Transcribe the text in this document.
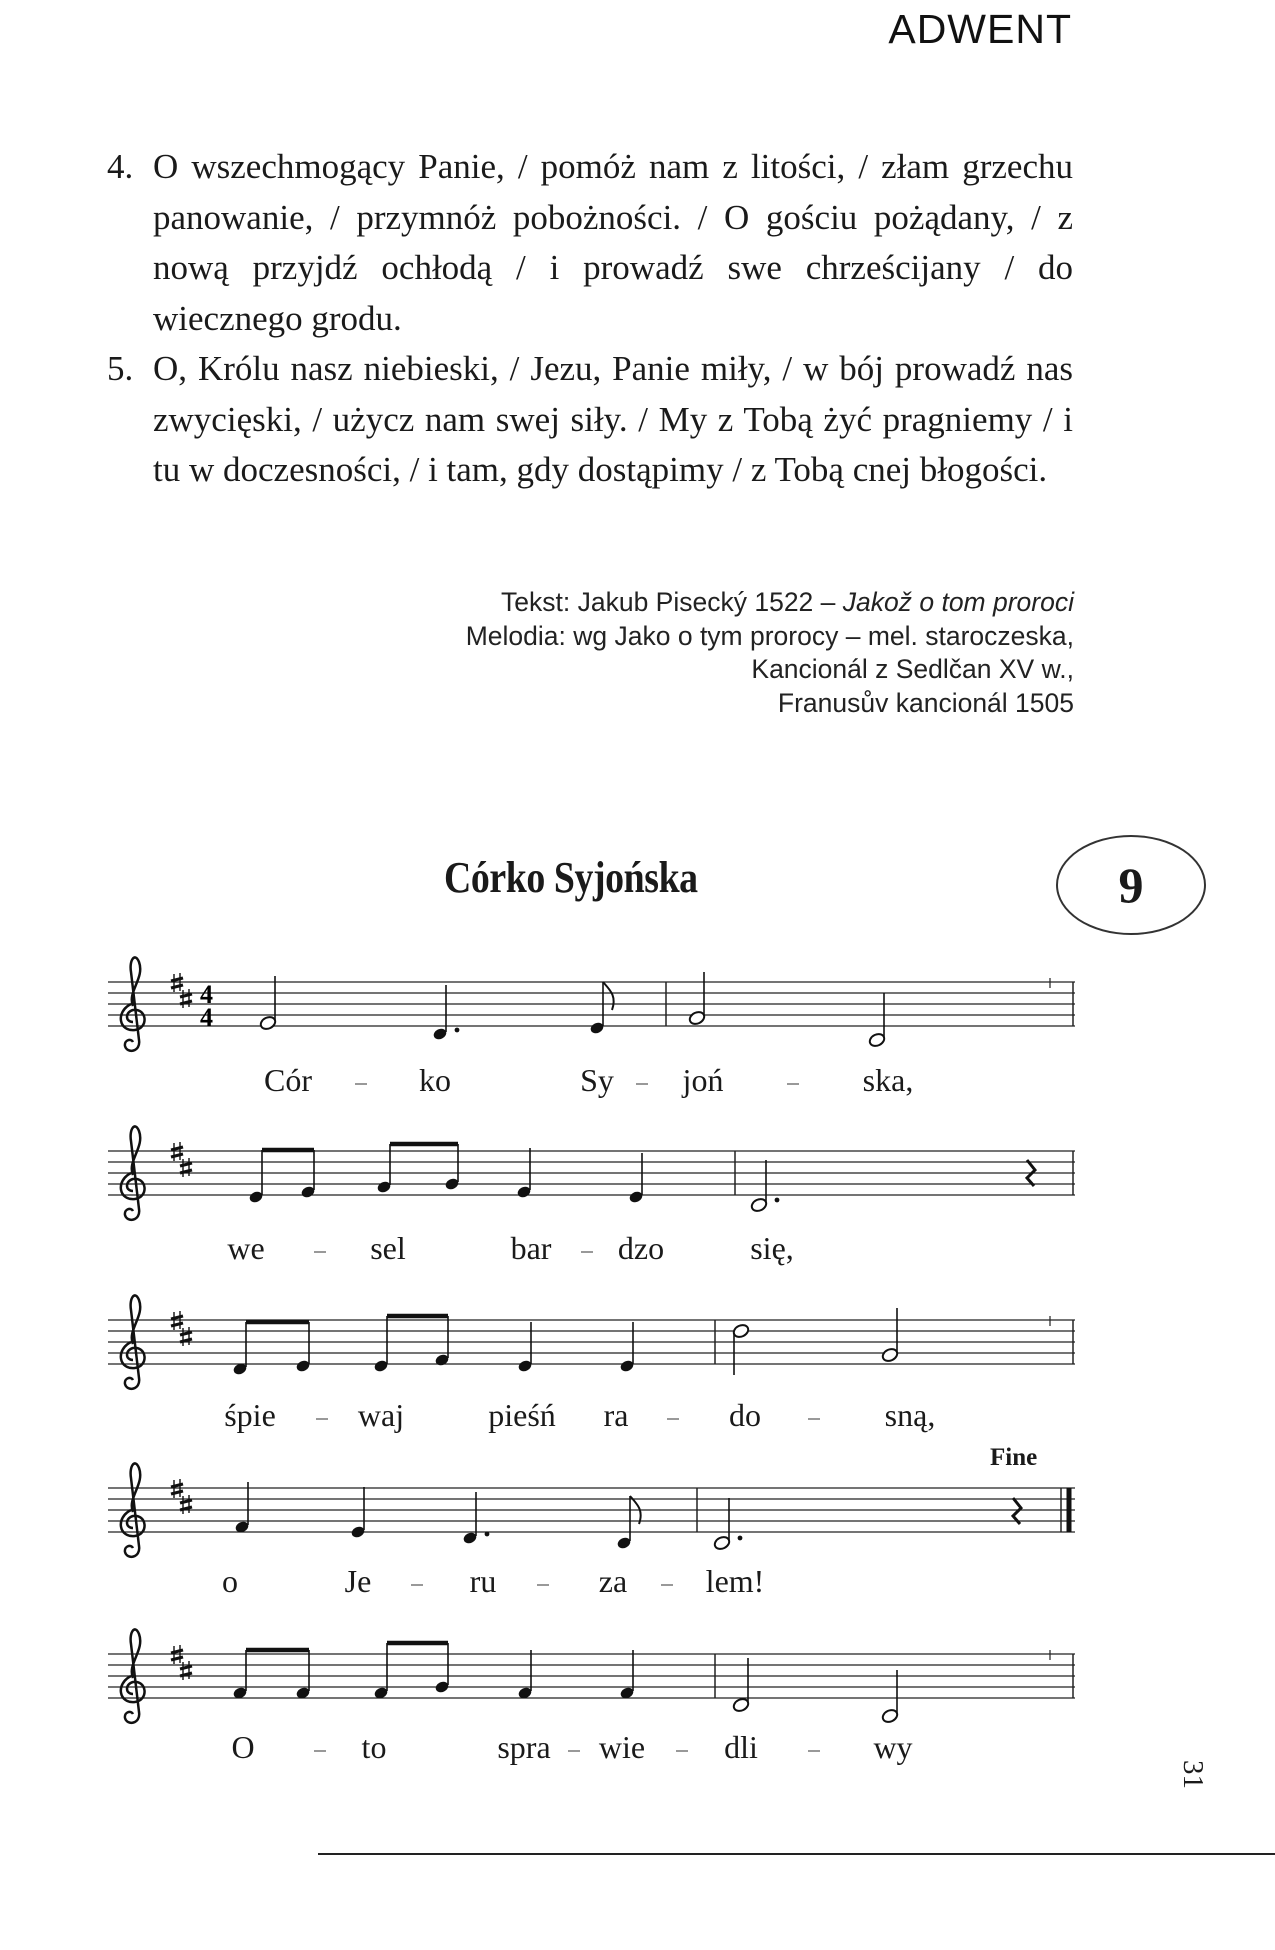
ADWENT
4. O wszechmogący Panie, / pomóż nam z litości, / złam grzechu panowanie, / przymnóż pobożności. / O gościu pożądany, / z nową przyjdź ochłodą / i prowadź swe chrześcijany / do wiecznego grodu.
5. O, Królu nasz niebieski, / Jezu, Panie miły, / w bój prowadź nas zwycięski, / użycz nam swej siły. / My z Tobą żyć pragniemy / i tu w doczesności, / i tam, gdy dostąpimy / z Tobą cnej błogości.
Tekst: Jakub Pisecký 1522 – Jakož o tom proroci
Melodia: wg Jako o tym prorocy – mel. staroczeska,
Kancionál z Sedlčan XV w.,
Franusův kancionál 1505
Córko Syjońska	9
Fine
4
4
Cór	ko	Sy joń	ska,
we	sel	bar dzo	się,
śpie	waj	pieśń ra	do	sną,
o	Je	ru	za lem!
O	to	spra wie dli	wy
31
